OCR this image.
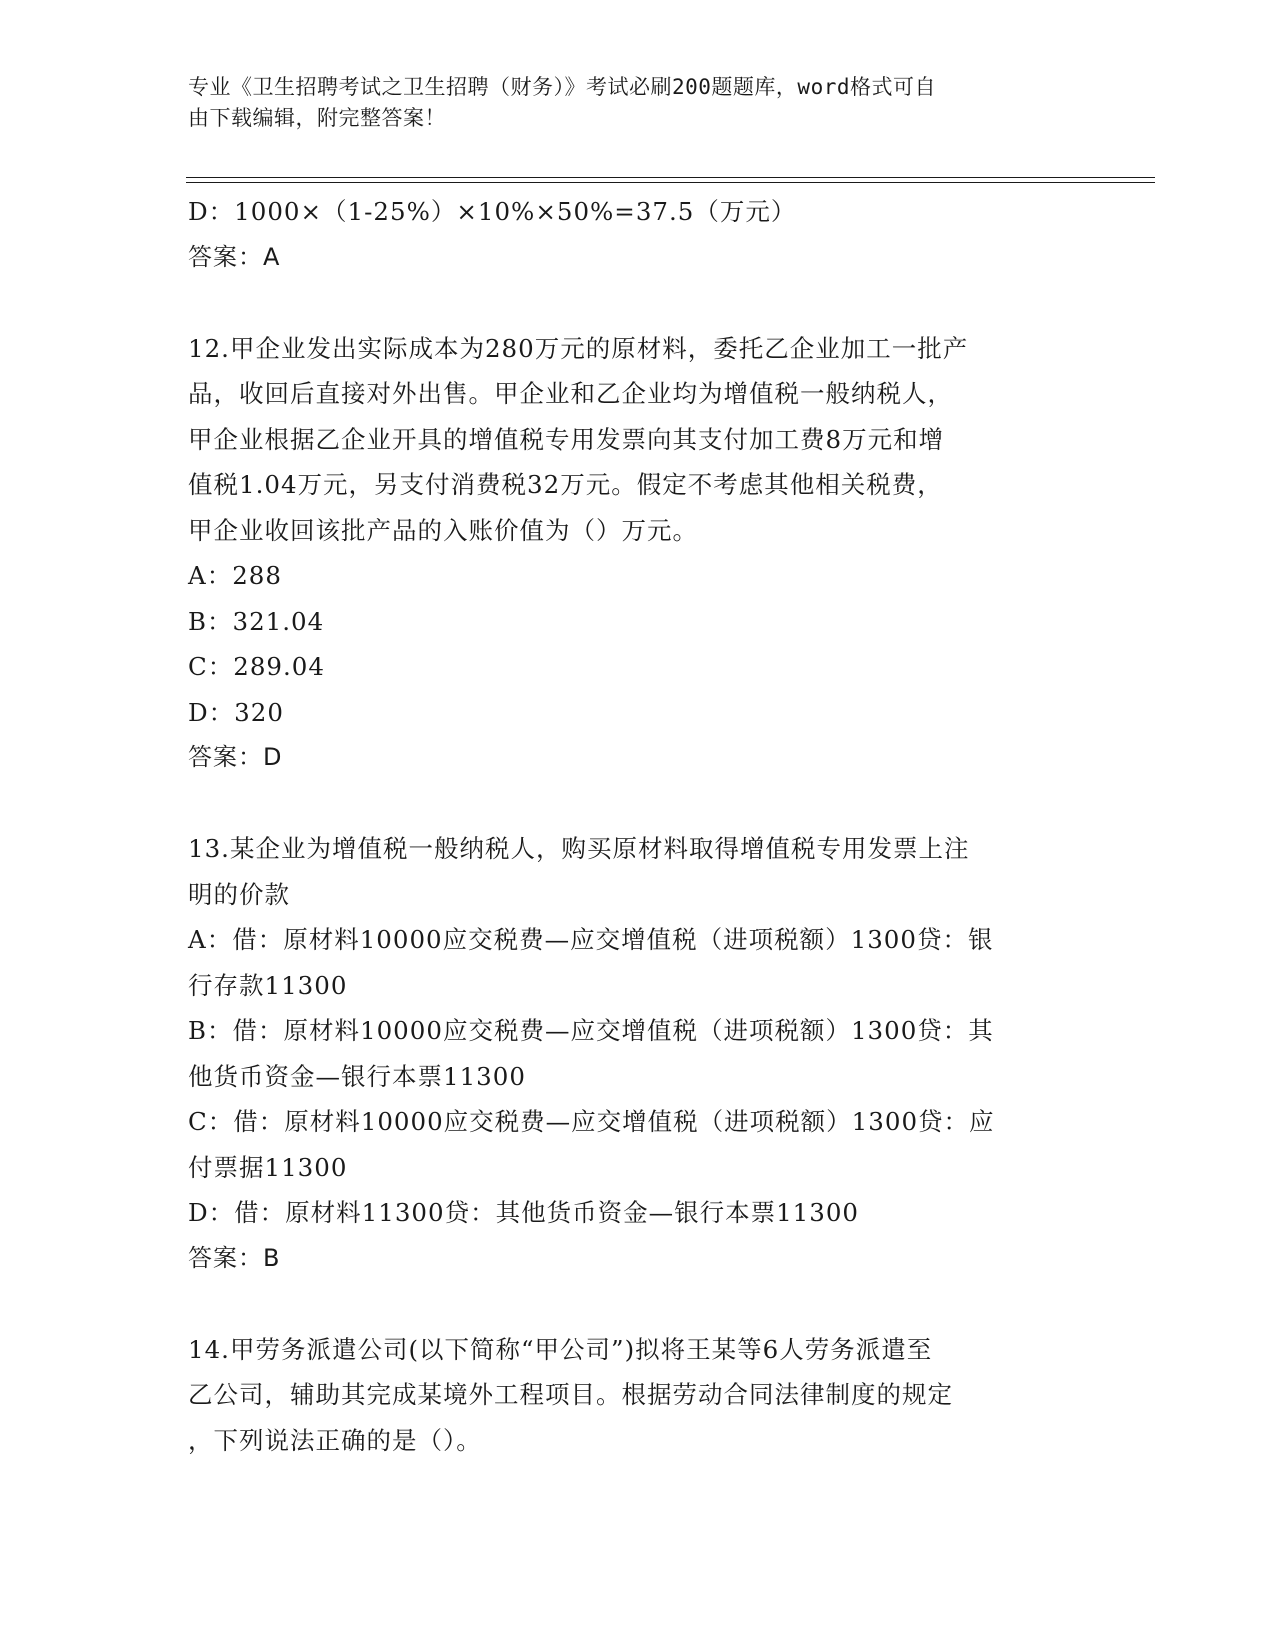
专业《卫生招聘考试之卫生招聘（财务）》考试必刷200题题库，word格式可自
由下载编辑，附完整答案！
D：1000×（1-25%）×10%×50%=37.5（万元）
答案：A
12.甲企业发出实际成本为280万元的原材料，委托乙企业加工一批产
品，收回后直接对外出售。甲企业和乙企业均为增值税一般纳税人，
甲企业根据乙企业开具的增值税专用发票向其支付加工费8万元和增
值税1.04万元，另支付消费税32万元。假定不考虑其他相关税费，
甲企业收回该批产品的入账价值为（）万元。
A：288
B：321.04
C：289.04
D：320
答案：D
13.某企业为增值税一般纳税人，购买原材料取得增值税专用发票上注
明的价款
A：借：原材料10000应交税费—应交增值税（进项税额）1300贷：银
行存款11300
B：借：原材料10000应交税费—应交增值税（进项税额）1300贷：其
他货币资金—银行本票11300
C：借：原材料10000应交税费—应交增值税（进项税额）1300贷：应
付票据11300
D：借：原材料11300贷：其他货币资金—银行本票11300
答案：B
14.甲劳务派遣公司(以下简称“甲公司”)拟将王某等6人劳务派遣至
乙公司，辅助其完成某境外工程项目。根据劳动合同法律制度的规定
，下列说法正确的是（）。
